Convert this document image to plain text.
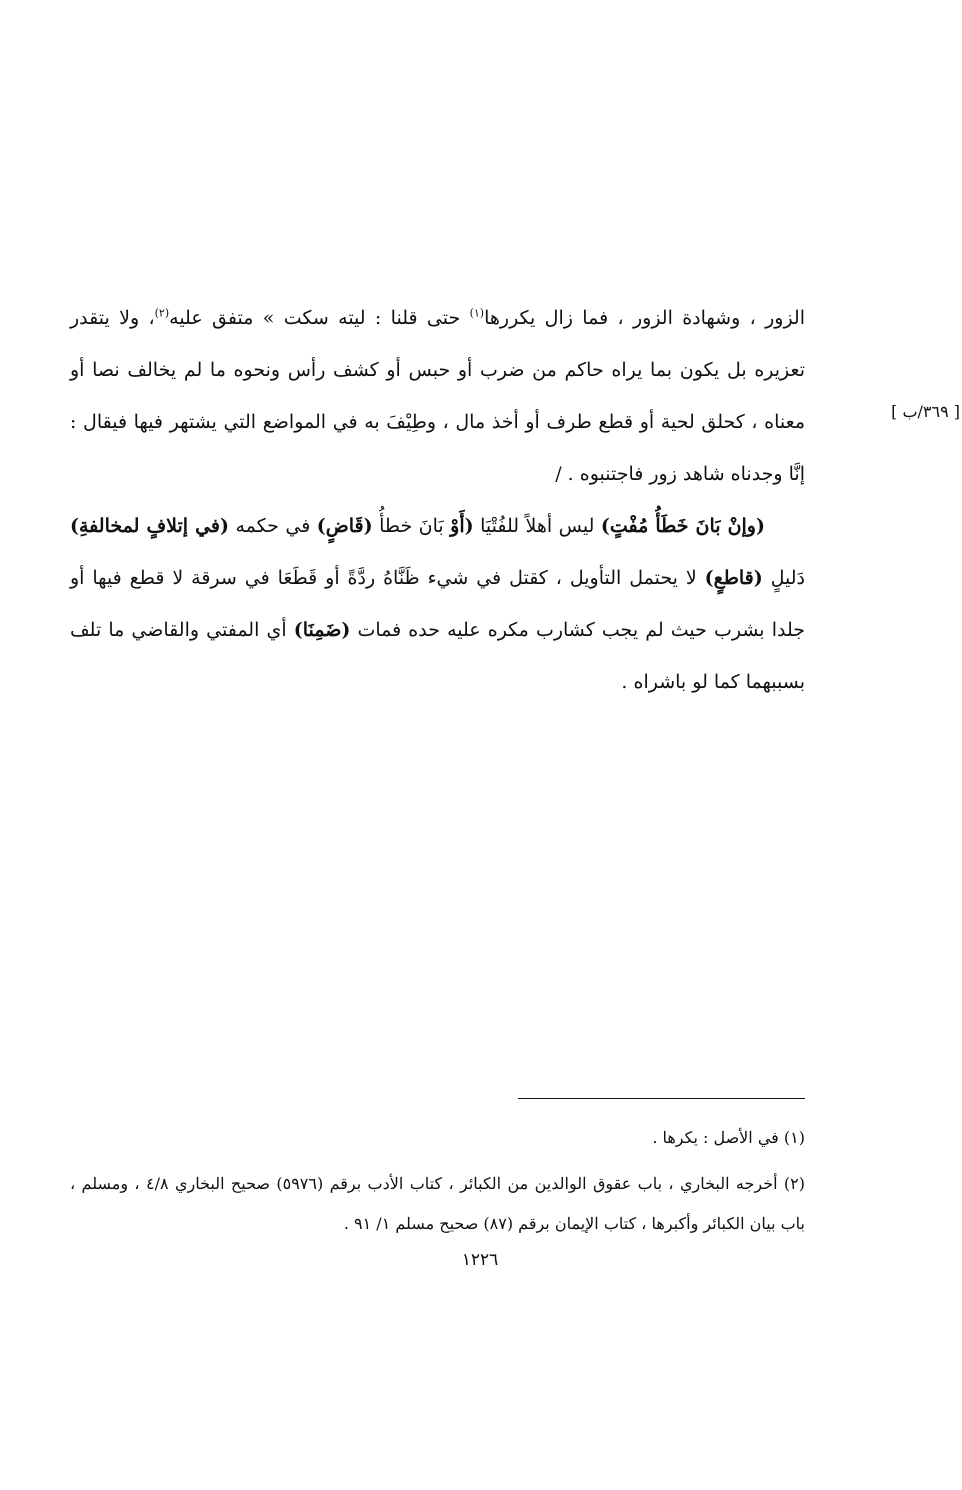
[ ٣٦٩/ب ]

الزور ، وشهادة الزور ، فما زال يكررها$^{(١)}$ حتى قلنا : ليته سكت » متفق عليه$^{(٢)}$، ولا يتقدر تعزيره بل يكون بما يراه حاكم من ضرب أو حبس أو كشف رأس ونحوه ما لم يخالف نصا أو معناه ، كحلق لحية أو قطع طرف أو أخذ مال ، وطِيْفَ به في المواضع التي يشتهر فيها فيقال : إنَّا وجدناه شاهد زور فاجتنبوه . /

(وإنْ بَانَ خَطَأُ مُفْتٍ) ليس أهلاً للفُتْيَا (أَوْ بَانَ خطأُ (قَاضٍ) في حكمه (في إتلافٍ لمخالفةِ) دَليلٍ (قاطعٍ) لا يحتمل التأويل ، كقتل في شيء ظَنَّاهُ ردَّةً أو قَطَعَا في سرقة لا قطع فيها أو جلدا بشرب حيث لم يجب كشارب مكره عليه حده فمات (ضَمِنَا) أي المفتي والقاضي ما تلف بسببهما كما لو باشراه .

(١) في الأصل : يكرها .

(٢) أخرجه البخاري ، باب عقوق الوالدين من الكبائر ، كتاب الأدب برقم (٥٩٧٦) صحيح البخاري ٤/٨ ، ومسلم ، باب بيان الكبائر وأكبرها ، كتاب الإيمان برقم (٨٧) صحيح مسلم ١/ ٩١ .

١٢٢٦
